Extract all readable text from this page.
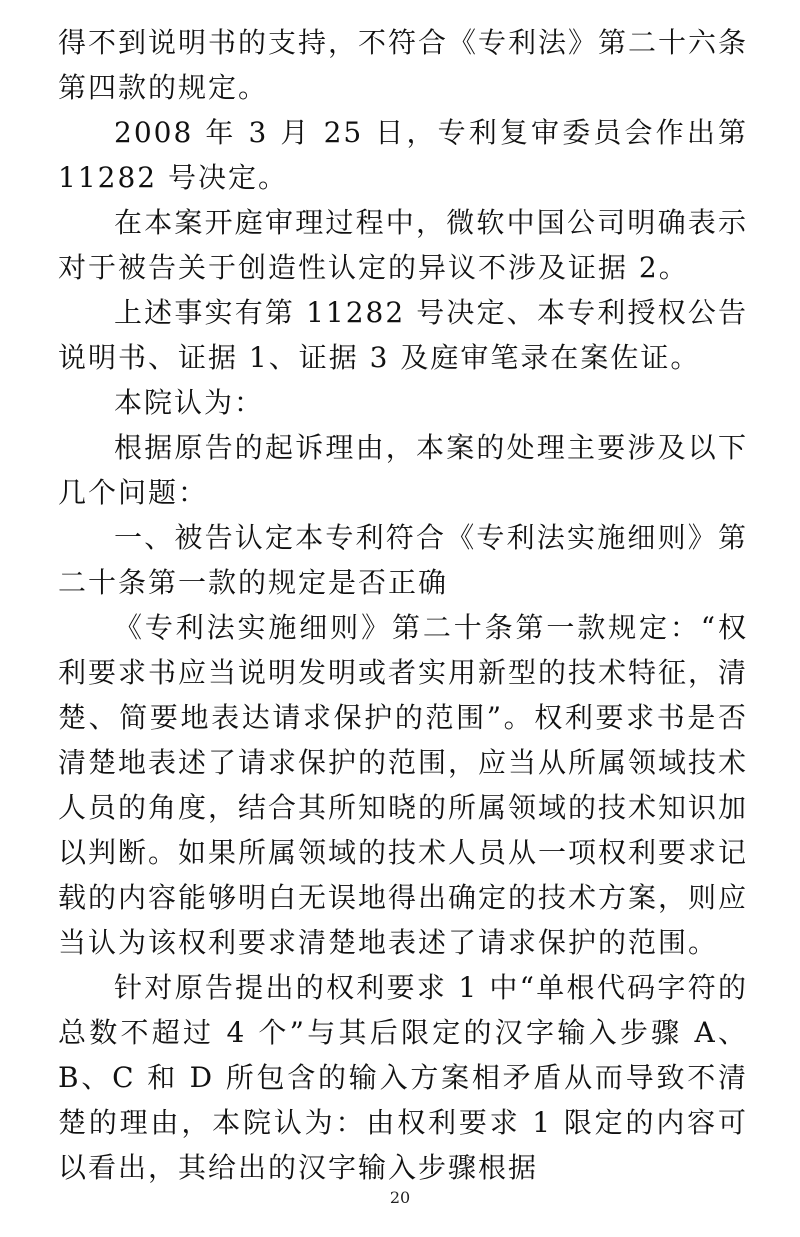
得不到说明书的支持，不符合《专利法》第二十六条第四款的规定。

2008 年 3 月 25 日，专利复审委员会作出第 11282 号决定。

在本案开庭审理过程中，微软中国公司明确表示对于被告关于创造性认定的异议不涉及证据 2。

上述事实有第 11282 号决定、本专利授权公告说明书、证据 1、证据 3 及庭审笔录在案佐证。

本院认为：

根据原告的起诉理由，本案的处理主要涉及以下几个问题：

一、被告认定本专利符合《专利法实施细则》第二十条第一款的规定是否正确

《专利法实施细则》第二十条第一款规定：“权利要求书应当说明发明或者实用新型的技术特征，清楚、简要地表达请求保护的范围”。权利要求书是否清楚地表述了请求保护的范围，应当从所属领域技术人员的角度，结合其所知晓的所属领域的技术知识加以判断。如果所属领域的技术人员从一项权利要求记载的内容能够明白无误地得出确定的技术方案，则应当认为该权利要求清楚地表述了请求保护的范围。

针对原告提出的权利要求 1 中“单根代码字符的总数不超过 4 个”与其后限定的汉字输入步骤 A、B、C 和 D 所包含的输入方案相矛盾从而导致不清楚的理由，本院认为：由权利要求 1 限定的内容可以看出，其给出的汉字输入步骤根据

20
